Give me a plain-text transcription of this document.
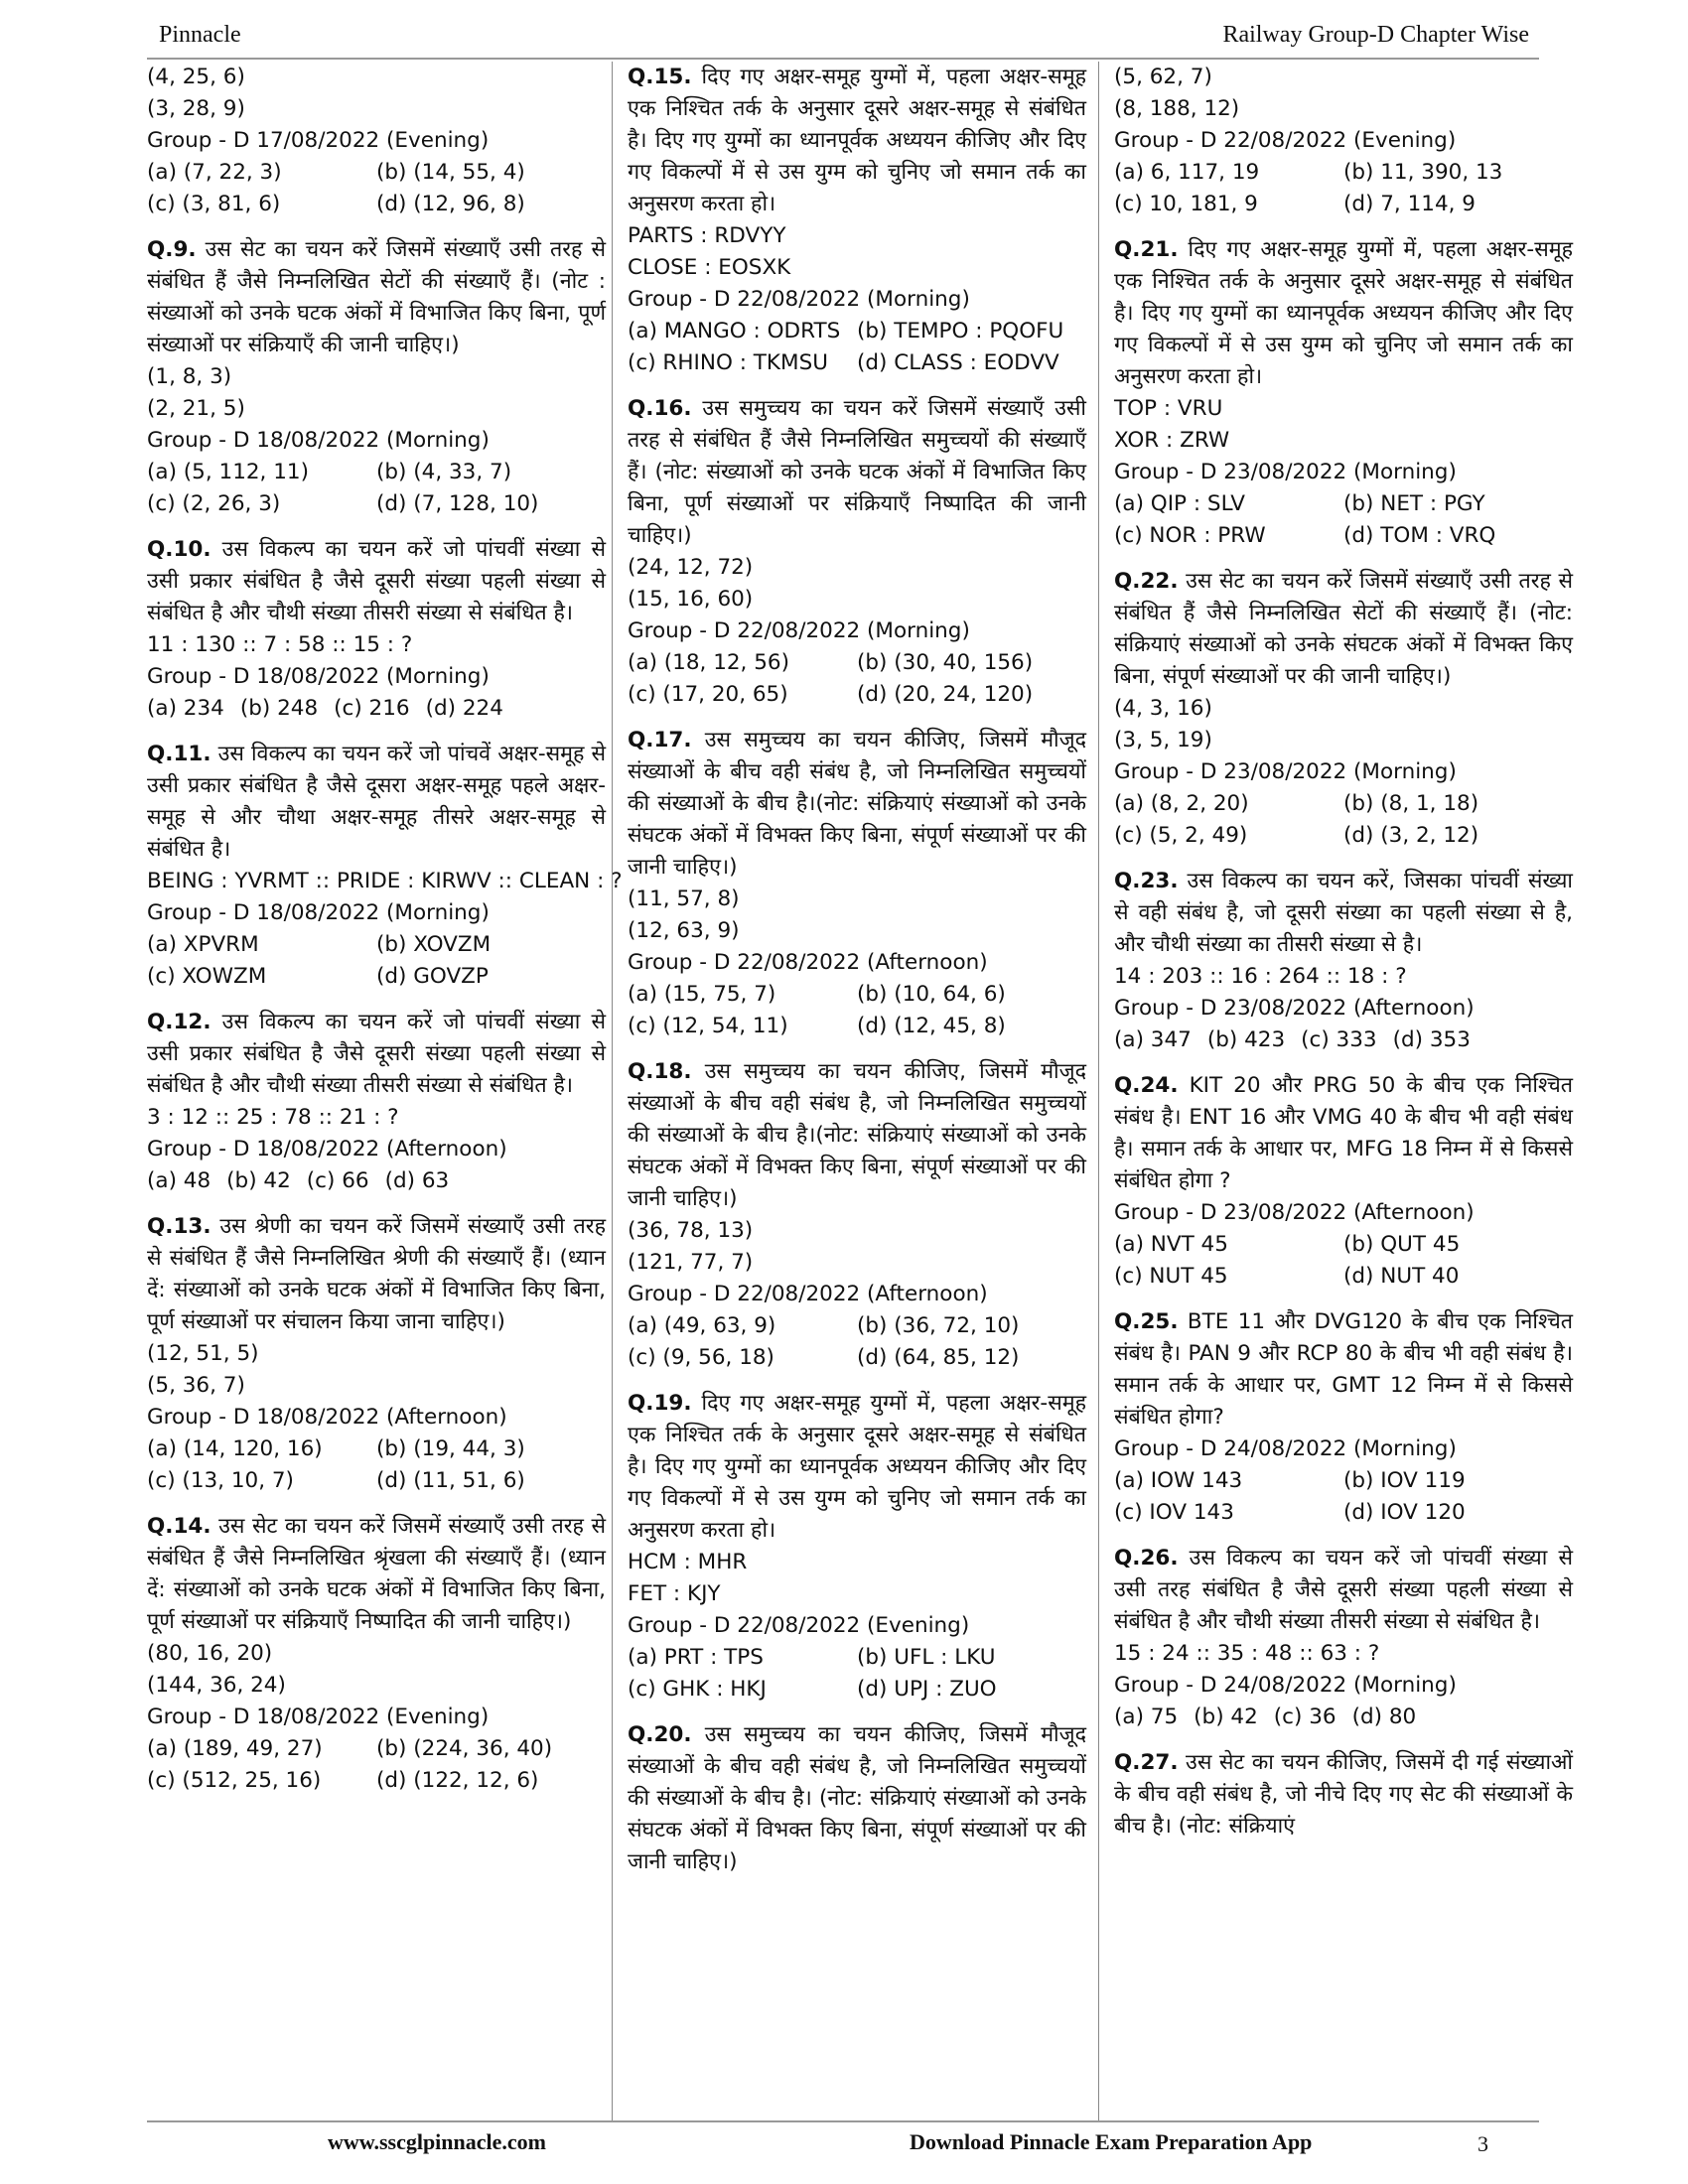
Pinnacle	Railway Group-D Chapter Wise
(4, 25, 6)
(3, 28, 9)
Group - D 17/08/2022 (Evening)
(a) (7, 22, 3)	(b) (14, 55, 4)
(c) (3, 81, 6)	(d) (12, 96, 8)
Q.9. उस सेट का चयन करें जिसमें संख्याएँ उसी तरह से संबंधित हैं जैसे निम्नलिखित सेटों की संख्याएँ हैं। (नोट : संख्याओं को उनके घटक अंकों में विभाजित किए बिना, पूर्ण संख्याओं पर संक्रियाएँ की जानी चाहिए।)
(1, 8, 3)
(2, 21, 5)
Group - D 18/08/2022 (Morning)
(a) (5, 112, 11)	(b) (4, 33, 7)
(c) (2, 26, 3)	(d) (7, 128, 10)
Q.10. उस विकल्प का चयन करें जो पांचवीं संख्या से उसी प्रकार संबंधित है जैसे दूसरी संख्या पहली संख्या से संबंधित है और चौथी संख्या तीसरी संख्या से संबंधित है।
11 : 130 :: 7 : 58 :: 15 : ?
Group - D 18/08/2022 (Morning)
(a) 234 (b) 248 (c) 216 (d) 224
Q.11. उस विकल्प का चयन करें जो पांचवें अक्षर-समूह से उसी प्रकार संबंधित है जैसे दूसरा अक्षर-समूह पहले अक्षर-समूह से और चौथा अक्षर-समूह तीसरे अक्षर-समूह से संबंधित है।
BEING : YVRMT :: PRIDE : KIRWV :: CLEAN : ?
Group - D 18/08/2022 (Morning)
(a) XPVRM	(b) XOVZM
(c) XOWZM	(d) GOVZP
Q.12. उस विकल्प का चयन करें जो पांचवीं संख्या से उसी प्रकार संबंधित है जैसे दूसरी संख्या पहली संख्या से संबंधित है और चौथी संख्या तीसरी संख्या से संबंधित है।
3 : 12 :: 25 : 78 :: 21 : ?
Group - D 18/08/2022 (Afternoon)
(a) 48 (b) 42 (c) 66 (d) 63
Q.13. उस श्रेणी का चयन करें जिसमें संख्याएँ उसी तरह से संबंधित हैं जैसे निम्नलिखित श्रेणी की संख्याएँ हैं। (ध्यान दें: संख्याओं को उनके घटक अंकों में विभाजित किए बिना, पूर्ण संख्याओं पर संचालन किया जाना चाहिए।)
(12, 51, 5)
(5, 36, 7)
Group - D 18/08/2022 (Afternoon)
(a) (14, 120, 16)	(b) (19, 44, 3)
(c) (13, 10, 7)	(d) (11, 51, 6)
Q.14. उस सेट का चयन करें जिसमें संख्याएँ उसी तरह से संबंधित हैं जैसे निम्नलिखित श्रृंखला की संख्याएँ हैं। (ध्यान दें: संख्याओं को उनके घटक अंकों में विभाजित किए बिना, पूर्ण संख्याओं पर संक्रियाएँ निष्पादित की जानी चाहिए।)
(80, 16, 20)
(144, 36, 24)
Group - D 18/08/2022 (Evening)
(a) (189, 49, 27)	(b) (224, 36, 40)
(c) (512, 25, 16)	(d) (122, 12, 6)
Q.15. दिए गए अक्षर-समूह युग्मों में, पहला अक्षर-समूह एक निश्चित तर्क के अनुसार दूसरे अक्षर-समूह से संबंधित है। दिए गए युग्मों का ध्यानपूर्वक अध्ययन कीजिए और दिए गए विकल्पों में से उस युग्म को चुनिए जो समान तर्क का अनुसरण करता हो।
PARTS : RDVYY
CLOSE : EOSXK
Group - D 22/08/2022 (Morning)
(a) MANGO : ODRTS (b) TEMPO : PQOFU
(c) RHINO : TKMSU	(d) CLASS : EODVV
Q.16. उस समुच्चय का चयन करें जिसमें संख्याएँ उसी तरह से संबंधित हैं जैसे निम्नलिखित समुच्चयों की संख्याएँ हैं। (नोट: संख्याओं को उनके घटक अंकों में विभाजित किए बिना, पूर्ण संख्याओं पर संक्रियाएँ निष्पादित की जानी चाहिए।)
(24, 12, 72)
(15, 16, 60)
Group - D 22/08/2022 (Morning)
(a) (18, 12, 56)	(b) (30, 40, 156)
(c) (17, 20, 65)	(d) (20, 24, 120)
Q.17. उस समुच्चय का चयन कीजिए, जिसमें मौजूद संख्याओं के बीच वही संबंध है, जो निम्नलिखित समुच्चयों की संख्याओं के बीच है।(नोट: संक्रियाएं संख्याओं को उनके संघटक अंकों में विभक्त किए बिना, संपूर्ण संख्याओं पर की जानी चाहिए।)
(11, 57, 8)
(12, 63, 9)
Group - D 22/08/2022 (Afternoon)
(a) (15, 75, 7)	(b) (10, 64, 6)
(c) (12, 54, 11)	(d) (12, 45, 8)
Q.18. उस समुच्चय का चयन कीजिए, जिसमें मौजूद संख्याओं के बीच वही संबंध है, जो निम्नलिखित समुच्चयों की संख्याओं के बीच है।(नोट: संक्रियाएं संख्याओं को उनके संघटक अंकों में विभक्त किए बिना, संपूर्ण संख्याओं पर की जानी चाहिए।)
(36, 78, 13)
(121, 77, 7)
Group - D 22/08/2022 (Afternoon)
(a) (49, 63, 9)	(b) (36, 72, 10)
(c) (9, 56, 18)	(d) (64, 85, 12)
Q.19. दिए गए अक्षर-समूह युग्मों में, पहला अक्षर-समूह एक निश्चित तर्क के अनुसार दूसरे अक्षर-समूह से संबंधित है। दिए गए युग्मों का ध्यानपूर्वक अध्ययन कीजिए और दिए गए विकल्पों में से उस युग्म को चुनिए जो समान तर्क का अनुसरण करता हो।
HCM : MHR
FET : KJY
Group - D 22/08/2022 (Evening)
(a) PRT : TPS	(b) UFL : LKU
(c) GHK : HKJ	(d) UPJ : ZUO
Q.20. उस समुच्चय का चयन कीजिए, जिसमें मौजूद संख्याओं के बीच वही संबंध है, जो निम्नलिखित समुच्चयों की संख्याओं के बीच है। (नोट: संक्रियाएं संख्याओं को उनके संघटक अंकों में विभक्त किए बिना, संपूर्ण संख्याओं पर की जानी चाहिए।)
(5, 62, 7)
(8, 188, 12)
Group - D 22/08/2022 (Evening)
(a) 6, 117, 19	(b) 11, 390, 13
(c) 10, 181, 9	(d) 7, 114, 9
Q.21. दिए गए अक्षर-समूह युग्मों में, पहला अक्षर-समूह एक निश्चित तर्क के अनुसार दूसरे अक्षर-समूह से संबंधित है। दिए गए युग्मों का ध्यानपूर्वक अध्ययन कीजिए और दिए गए विकल्पों में से उस युग्म को चुनिए जो समान तर्क का अनुसरण करता हो।
TOP : VRU
XOR : ZRW
Group - D 23/08/2022 (Morning)
(a) QIP : SLV	(b) NET : PGY
(c) NOR : PRW	(d) TOM : VRQ
Q.22. उस सेट का चयन करें जिसमें संख्याएँ उसी तरह से संबंधित हैं जैसे निम्नलिखित सेटों की संख्याएँ हैं। (नोट: संक्रियाएं संख्याओं को उनके संघटक अंकों में विभक्त किए बिना, संपूर्ण संख्याओं पर की जानी चाहिए।)
(4, 3, 16)
(3, 5, 19)
Group - D 23/08/2022 (Morning)
(a) (8, 2, 20)	(b) (8, 1, 18)
(c) (5, 2, 49)	(d) (3, 2, 12)
Q.23. उस विकल्प का चयन करें, जिसका पांचवीं संख्या से वही संबंध है, जो दूसरी संख्या का पहली संख्या से है, और चौथी संख्या का तीसरी संख्या से है।
14 : 203 :: 16 : 264 :: 18 : ?
Group - D 23/08/2022 (Afternoon)
(a) 347 (b) 423 (c) 333 (d) 353
Q.24. KIT 20 और PRG 50 के बीच एक निश्चित संबंध है। ENT 16 और VMG 40 के बीच भी वही संबंध है। समान तर्क के आधार पर, MFG 18 निम्न में से किससे संबंधित होगा ?
Group - D 23/08/2022 (Afternoon)
(a) NVT 45	(b) QUT 45
(c) NUT 45	(d) NUT 40
Q.25. BTE 11 और DVG120 के बीच एक निश्चित संबंध है। PAN 9 और RCP 80 के बीच भी वही संबंध है। समान तर्क के आधार पर, GMT 12 निम्न में से किससे संबंधित होगा?
Group - D 24/08/2022 (Morning)
(a) IOW 143	(b) IOV 119
(c) IOV 143	(d) IOV 120
Q.26. उस विकल्प का चयन करें जो पांचवीं संख्या से उसी तरह संबंधित है जैसे दूसरी संख्या पहली संख्या से संबंधित है और चौथी संख्या तीसरी संख्या से संबंधित है।
15 : 24 :: 35 : 48 :: 63 : ?
Group - D 24/08/2022 (Morning)
(a) 75 (b) 42 (c) 36 (d) 80
Q.27. उस सेट का चयन कीजिए, जिसमें दी गई संख्याओं के बीच वही संबंध है, जो नीचे दिए गए सेट की संख्याओं के बीच है। (नोट: संक्रियाएं
www.sscglpinnacle.com	Download Pinnacle Exam Preparation App	3
